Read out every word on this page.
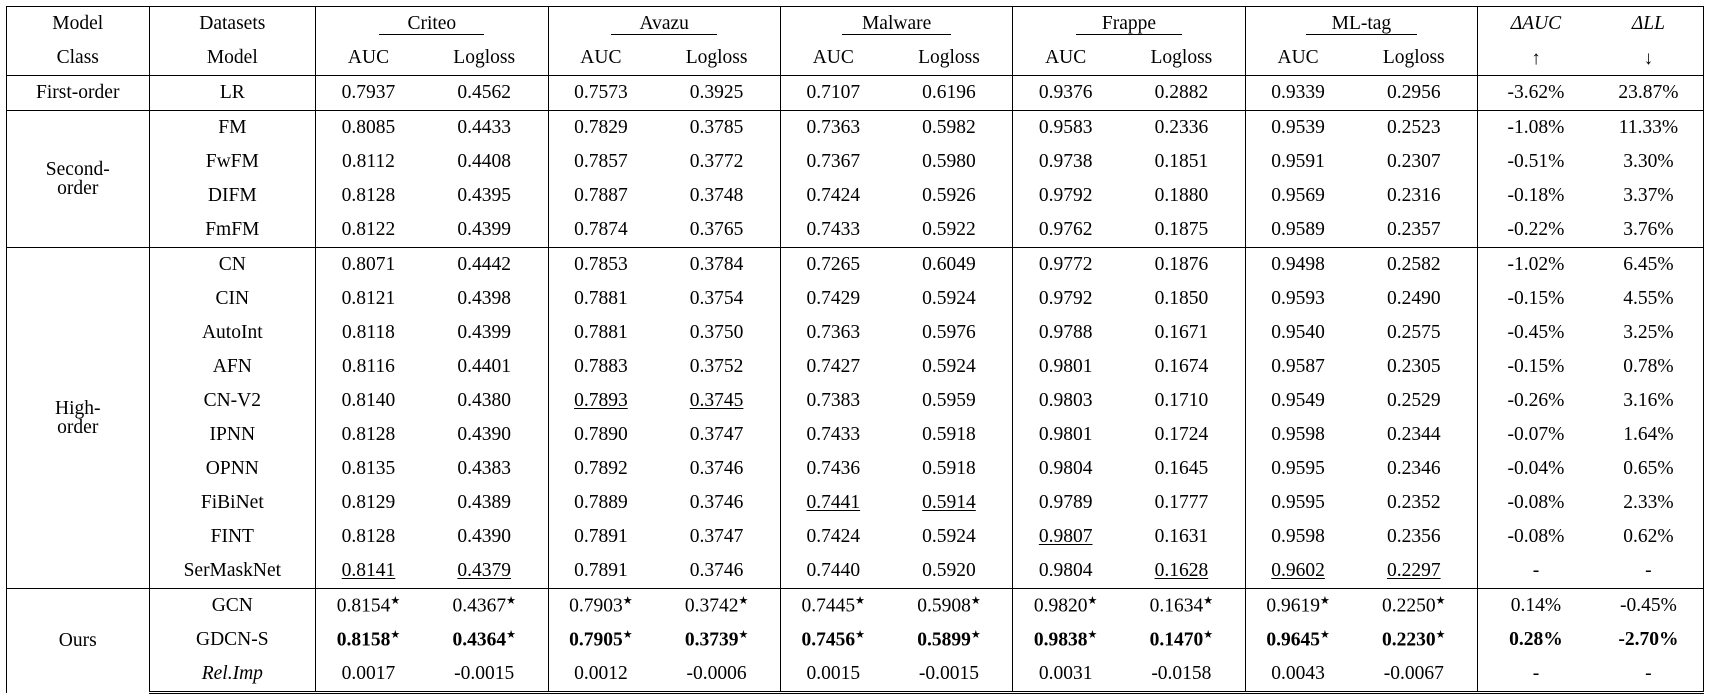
Model	Datasets	Criteo		Avazu		Malware		Frappe		ML-tag		ΔAUC	ΔLL
Class	Model	AUC	Logloss	AUC	Logloss	AUC	Logloss	AUC	Logloss	AUC	Logloss	↑	↓

First-order	LR	0.7937	0.4562	0.7573	0.3925	0.7107	0.6196	0.9376	0.2882	0.9339	0.2956	-3.62%	23.87%

Second-
order	FM	0.8085	0.4433	0.7829	0.3785	0.7363	0.5982	0.9583	0.2336	0.9539	0.2523	-1.08%	11.33%
	FwFM	0.8112	0.4408	0.7857	0.3772	0.7367	0.5980	0.9738	0.1851	0.9591	0.2307	-0.51%	3.30%
	DIFM	0.8128	0.4395	0.7887	0.3748	0.7424	0.5926	0.9792	0.1880	0.9569	0.2316	-0.18%	3.37%
	FmFM	0.8122	0.4399	0.7874	0.3765	0.7433	0.5922	0.9762	0.1875	0.9589	0.2357	-0.22%	3.76%

High-
order	CN	0.8071	0.4442	0.7853	0.3784	0.7265	0.6049	0.9772	0.1876	0.9498	0.2582	-1.02%	6.45%
	CIN	0.8121	0.4398	0.7881	0.3754	0.7429	0.5924	0.9792	0.1850	0.9593	0.2490	-0.15%	4.55%
	AutoInt	0.8118	0.4399	0.7881	0.3750	0.7363	0.5976	0.9788	0.1671	0.9540	0.2575	-0.45%	3.25%
	AFN	0.8116	0.4401	0.7883	0.3752	0.7427	0.5924	0.9801	0.1674	0.9587	0.2305	-0.15%	0.78%
	CN-V2	0.8140	0.4380	0.7893	0.3745	0.7383	0.5959	0.9803	0.1710	0.9549	0.2529	-0.26%	3.16%
	IPNN	0.8128	0.4390	0.7890	0.3747	0.7433	0.5918	0.9801	0.1724	0.9598	0.2344	-0.07%	1.64%
	OPNN	0.8135	0.4383	0.7892	0.3746	0.7436	0.5918	0.9804	0.1645	0.9595	0.2346	-0.04%	0.65%
	FiBiNet	0.8129	0.4389	0.7889	0.3746	0.7441	0.5914	0.9789	0.1777	0.9595	0.2352	-0.08%	2.33%
	FINT	0.8128	0.4390	0.7891	0.3747	0.7424	0.5924	0.9807	0.1631	0.9598	0.2356	-0.08%	0.62%
	SerMaskNet	0.8141	0.4379	0.7891	0.3746	0.7440	0.5920	0.9804	0.1628	0.9602	0.2297	-	-

Ours	GCN	0.8154★	0.4367★	0.7903★	0.3742★	0.7445★	0.5908★	0.9820★	0.1634★	0.9619★	0.2250★	0.14%	-0.45%
	GDCN-S	0.8158★	0.4364★	0.7905★	0.3739★	0.7456★	0.5899★	0.9838★	0.1470★	0.9645★	0.2230★	0.28%	-2.70%
	Rel.Imp	0.0017	-0.0015	0.0012	-0.0006	0.0015	-0.0015	0.0031	-0.0158	0.0043	-0.0067	-	-
